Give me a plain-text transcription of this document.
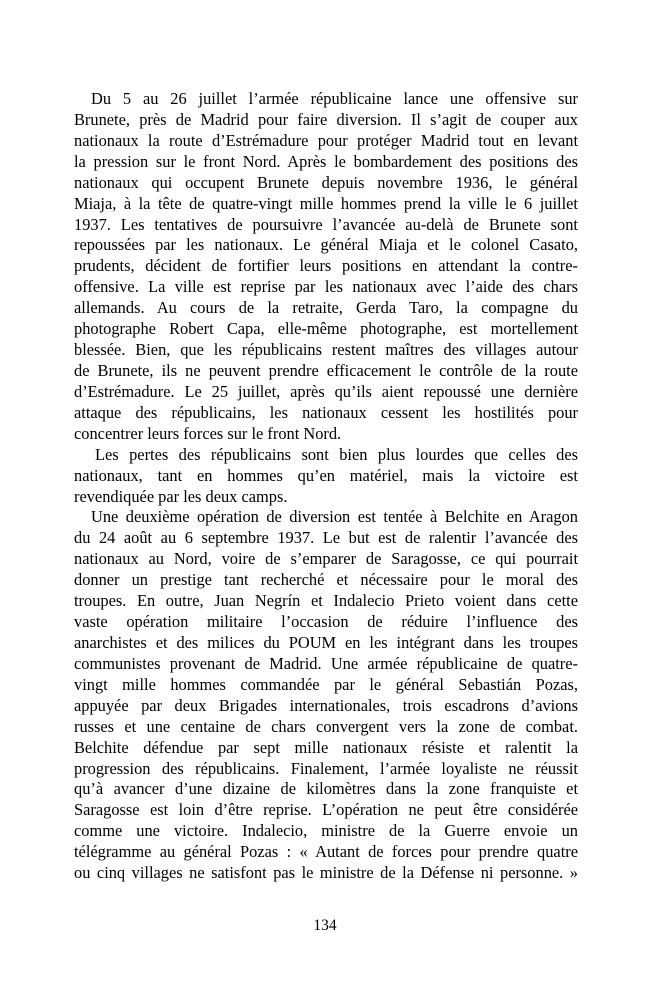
Du 5 au 26 juillet l’armée républicaine lance une offensive sur
Brunete, près de Madrid pour faire diversion. Il s’agit de couper aux
nationaux la route d’Estrémadure pour protéger Madrid tout en levant
la pression sur le front Nord. Après le bombardement des positions des
nationaux qui occupent Brunete depuis novembre 1936, le général
Miaja, à la tête de quatre-vingt mille hommes prend la ville le 6 juillet
1937. Les tentatives de poursuivre l’avancée au-delà de Brunete sont
repoussées par les nationaux. Le général Miaja et le colonel Casato,
prudents, décident de fortifier leurs positions en attendant la contre-
offensive. La ville est reprise par les nationaux avec l’aide des chars
allemands. Au cours de la retraite, Gerda Taro, la compagne du
photographe Robert Capa, elle-même photographe, est mortellement
blessée. Bien, que les républicains restent maîtres des villages autour
de Brunete, ils ne peuvent prendre efficacement le contrôle de la route
d’Estrémadure. Le 25 juillet, après qu’ils aient repoussé une dernière
attaque des républicains, les nationaux cessent les hostilités pour
concentrer leurs forces sur le front Nord.
Les pertes des républicains sont bien plus lourdes que celles des
nationaux, tant en hommes qu’en matériel, mais la victoire est
revendiquée par les deux camps.
Une deuxième opération de diversion est tentée à Belchite en Aragon
du 24 août au 6 septembre 1937. Le but est de ralentir l’avancée des
nationaux au Nord, voire de s’emparer de Saragosse, ce qui pourrait
donner un prestige tant recherché et nécessaire pour le moral des
troupes. En outre, Juan Negrín et Indalecio Prieto voient dans cette
vaste opération militaire l’occasion de réduire l’influence des
anarchistes et des milices du POUM en les intégrant dans les troupes
communistes provenant de Madrid. Une armée républicaine de quatre-
vingt mille hommes commandée par le général Sebastián Pozas,
appuyée par deux Brigades internationales, trois escadrons d’avions
russes et une centaine de chars convergent vers la zone de combat.
Belchite défendue par sept mille nationaux résiste et ralentit la
progression des républicains. Finalement, l’armée loyaliste ne réussit
qu’à avancer d’une dizaine de kilomètres dans la zone franquiste et
Saragosse est loin d’être reprise. L’opération ne peut être considérée
comme une victoire. Indalecio, ministre de la Guerre envoie un
télégramme au général Pozas : « Autant de forces pour prendre quatre
ou cinq villages ne satisfont pas le ministre de la Défense ni personne. »
134
